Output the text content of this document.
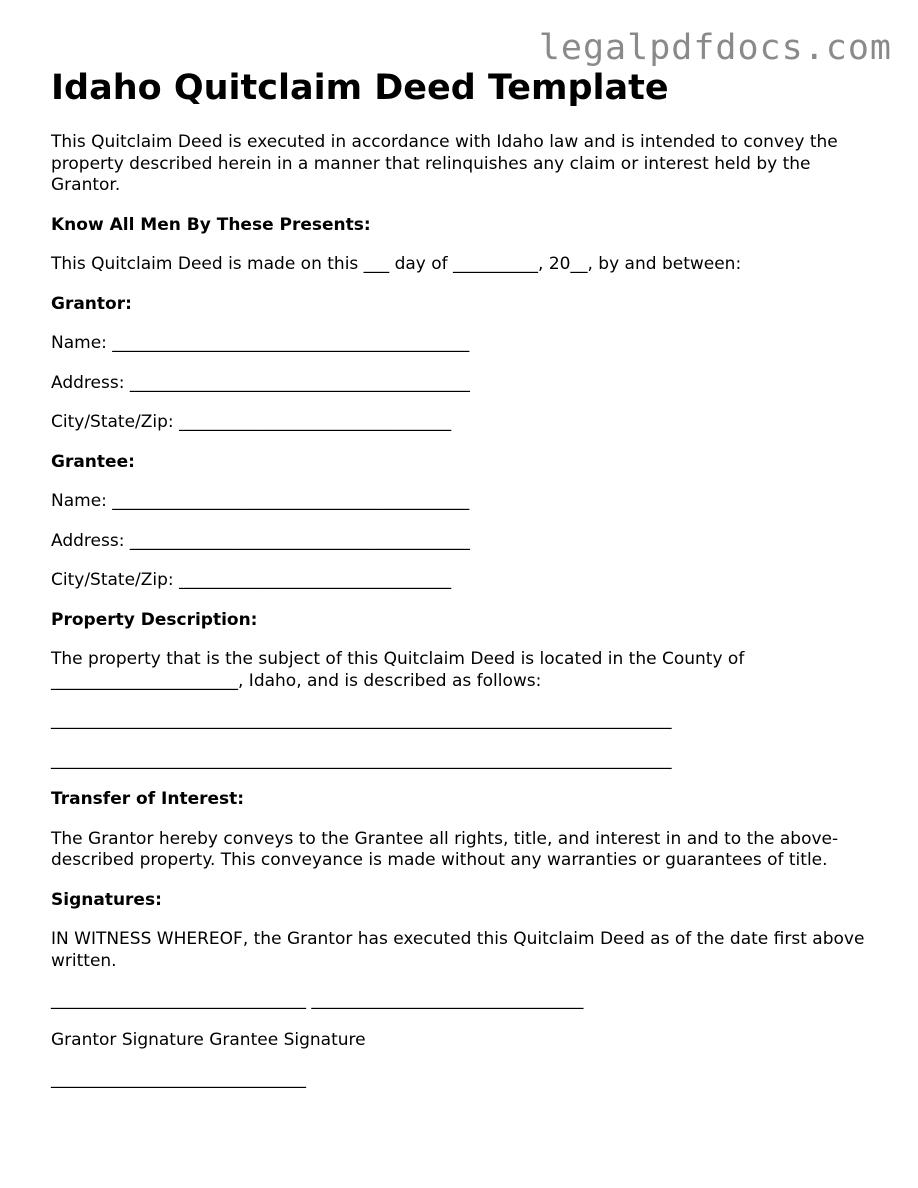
legalpdfdocs.com
Idaho Quitclaim Deed Template

This Quitclaim Deed is executed in accordance with Idaho law and is intended to convey the property described herein in a manner that relinquishes any claim or interest held by the Grantor.

Know All Men By These Presents:

This Quitclaim Deed is made on this ___ day of __________, 20__, by and between:

Grantor:

Name: __________________________________________

Address: ________________________________________

City/State/Zip: ________________________________

Grantee:

Name: __________________________________________

Address: ________________________________________

City/State/Zip: ________________________________

Property Description:

The property that is the subject of this Quitclaim Deed is located in the County of ______________________, Idaho, and is described as follows:

_________________________________________________________________________

_________________________________________________________________________

Transfer of Interest:

The Grantor hereby conveys to the Grantee all rights, title, and interest in and to the above-described property. This conveyance is made without any warranties or guarantees of title.

Signatures:

IN WITNESS WHEREOF, the Grantor has executed this Quitclaim Deed as of the date first above written.

______________________________ ________________________________

Grantor Signature Grantee Signature

______________________________
